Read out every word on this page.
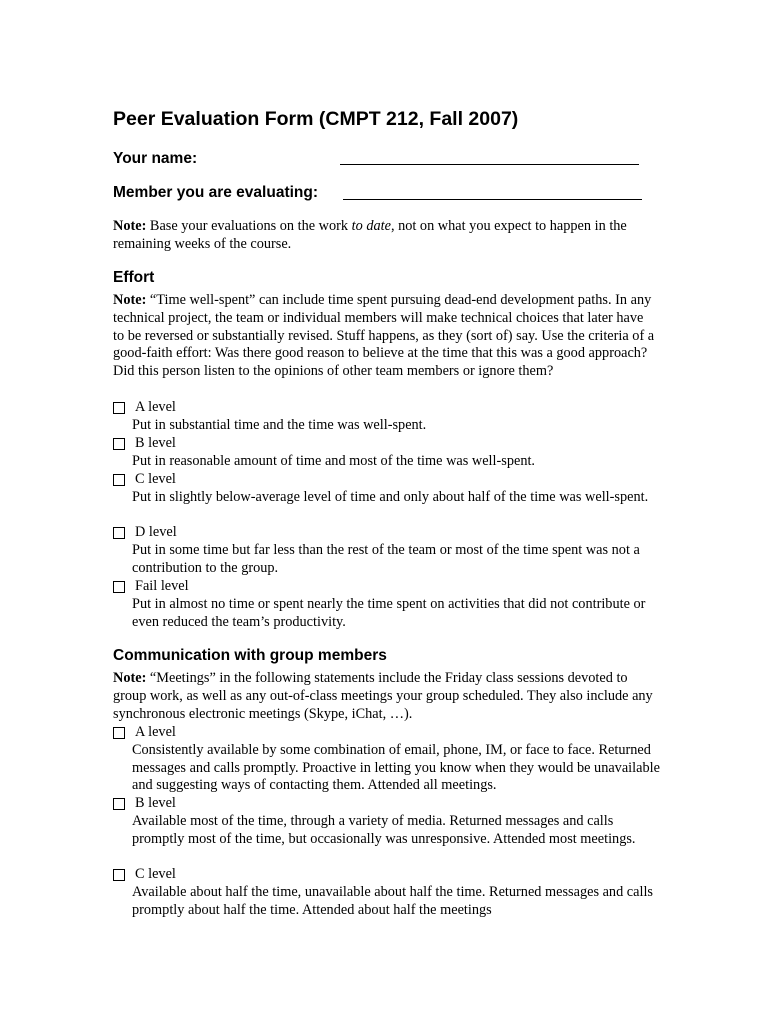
Peer Evaluation Form (CMPT 212, Fall 2007)
Your name:
Member you are evaluating:

Note: Base your evaluations on the work to date, not on what you expect to happen in the remaining weeks of the course.

Effort

Note: “Time well-spent” can include time spent pursuing dead-end development paths. In any technical project, the team or individual members will make technical choices that later have to be reversed or substantially revised. Stuff happens, as they (sort of) say. Use the criteria of a good-faith effort: Was there good reason to believe at the time that this was a good approach? Did this person listen to the opinions of other team members or ignore them?

A level

Put in substantial time and the time was well-spent.

B level

Put in reasonable amount of time and most of the time was well-spent.

C level

Put in slightly below-average level of time and only about half of the time was well-spent.

D level

Put in some time but far less than the rest of the team or most of the time spent was not a contribution to the group.

Fail level

Put in almost no time or spent nearly the time spent on activities that did not contribute or even reduced the team’s productivity.

Communication with group members

Note: “Meetings” in the following statements include the Friday class sessions devoted to group work, as well as any out-of-class meetings your group scheduled. They also include any synchronous electronic meetings (Skype, iChat, …).

A level

Consistently available by some combination of email, phone, IM, or face to face. Returned messages and calls promptly. Proactive in letting you know when they would be unavailable and suggesting ways of contacting them. Attended all meetings.

B level

Available most of the time, through a variety of media. Returned messages and calls promptly most of the time, but occasionally was unresponsive. Attended most meetings.

C level

Available about half the time, unavailable about half the time. Returned messages and calls promptly about half the time. Attended about half the meetings
